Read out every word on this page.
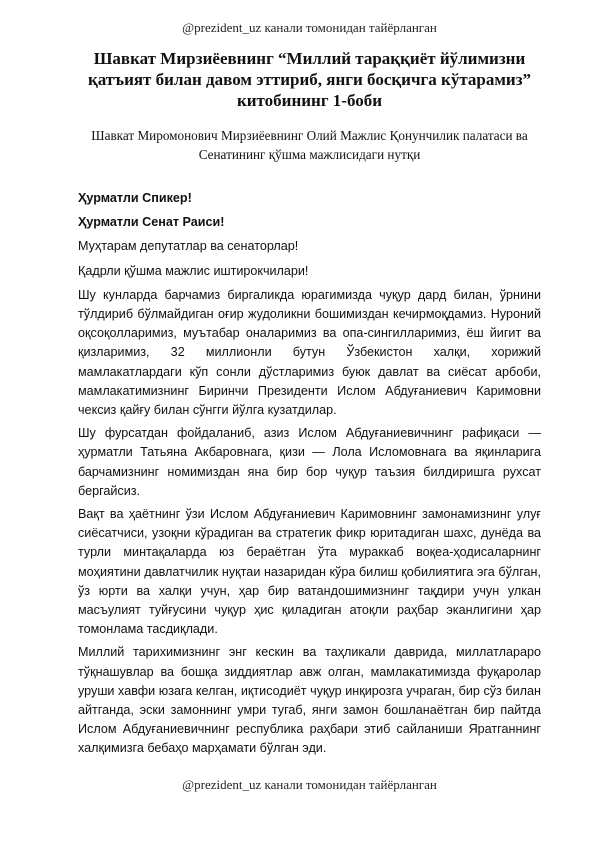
@prezident_uz канали томонидан тайёрланган
Шавкат Мирзиёевнинг “Миллий тараққиёт йўлимизни қатъият билан давом эттириб, янги босқичга кўтарамиз” китобининг 1-боби
Шавкат Миромонович Мирзиёевнинг Олий Мажлис Қонунчилик палатаси ва Сенатининг қўшма мажлисидаги нутқи

Ҳурматли Спикер!

Ҳурматли Сенат Раиси!

Муҳтарам депутатлар ва сенаторлар!

Қадрли қўшма мажлис иштирокчилари!

Шу кунларда барчамиз биргаликда юрагимизда чуқур дард билан, ўрнини тўлдириб бўлмайдиган оғир жудоликни бошимиздан кечирмоқдамиз. Нуроний оқсоқолларимиз, муътабар оналаримиз ва опа-сингилларимиз, ёш йигит ва қизларимиз, 32 миллионли бутун Ўзбекистон халқи, хорижий мамлакатлардаги кўп сонли дўстларимиз буюк давлат ва сиёсат арбоби, мамлакатимизнинг Биринчи Президенти Ислом Абдуғаниевич Каримовни чексиз қайғу билан сўнгги йўлга кузатдилар.

Шу фурсатдан фойдаланиб, азиз Ислом Абдуғаниевичнинг рафиқаси — ҳурматли Татьяна Акбаровнага, қизи — Лола Исломовнага ва яқинларига барчамизнинг номимиздан яна бир бор чуқур таъзия билдиришга рухсат бергайсиз.

Вақт ва ҳаётнинг ўзи Ислом Абдуғаниевич Каримовнинг замонамизнинг улуғ сиёсатчиси, узоқни кўрадиган ва стратегик фикр юритадиган шахс, дунёда ва турли минтақаларда юз бераётган ўта мураккаб воқеа-ҳодисаларнинг моҳиятини давлатчилик нуқтаи назаридан кўра билиш қобилиятига эга бўлган, ўз юрти ва халқи учун, ҳар бир ватандошимизнинг тақдири учун улкан масъулият туйғусини чуқур ҳис қиладиган атоқли раҳбар эканлигини ҳар томонлама тасдиқлади.

Миллий тарихимизнинг энг кескин ва таҳликали даврида, миллатлараро тўқнашувлар ва бошқа зиддиятлар авж олган, мамлакатимизда фуқаролар уруши хавфи юзага келган, иқтисодиёт чуқур инқирозга учраган, бир сўз билан айтганда, эски замоннинг умри тугаб, янги замон бошланаётган бир пайтда Ислом Абдуғаниевичнинг республика раҳбари этиб сайланиши Яратганнинг халқимизга бебаҳо марҳамати бўлган эди.

@prezident_uz канали томонидан тайёрланган
